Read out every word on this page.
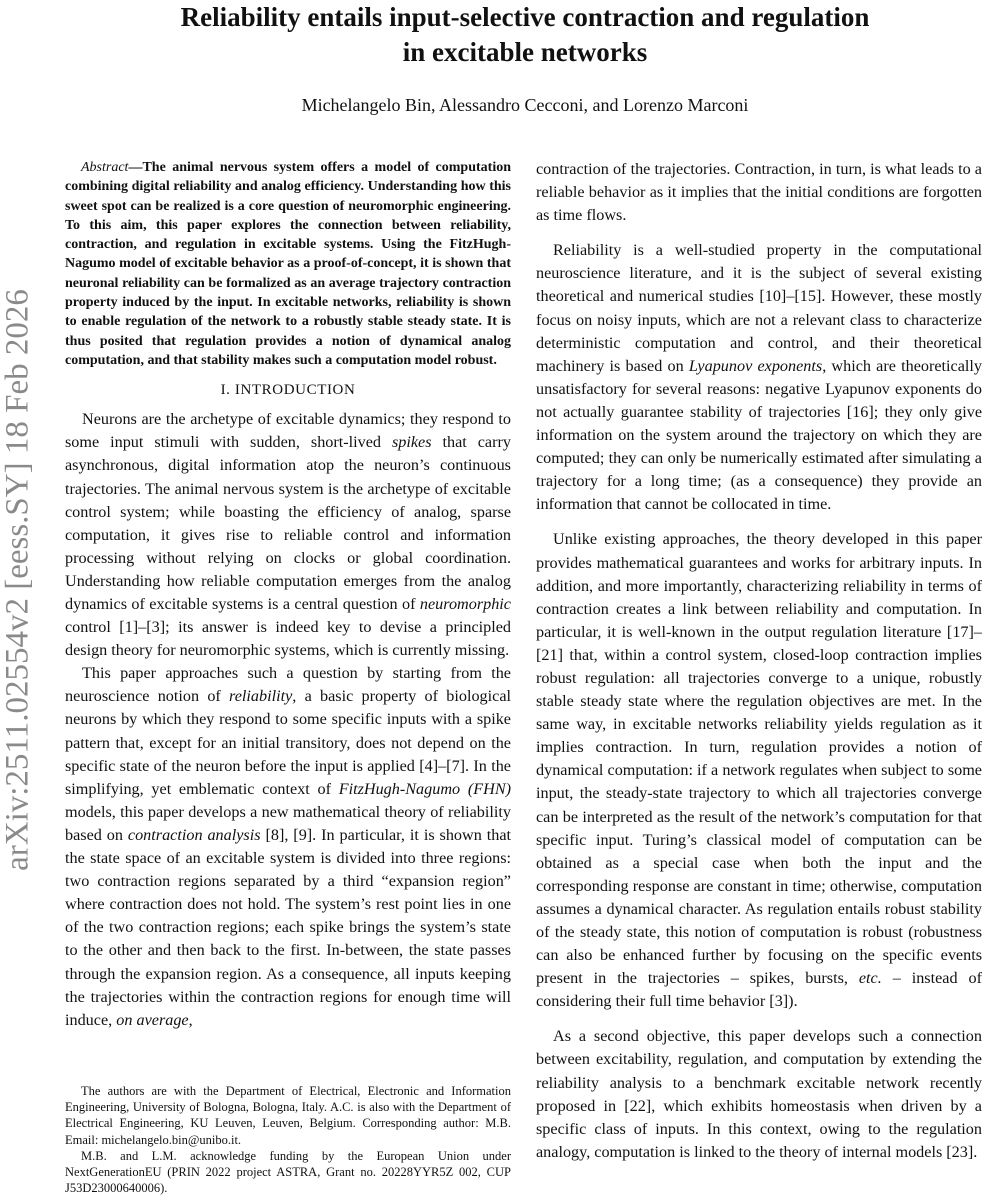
Reliability entails input-selective contraction and regulation
in excitable networks
Michelangelo Bin, Alessandro Cecconi, and Lorenzo Marconi
arXiv:2511.02554v2 [eess.SY] 18 Feb 2026

Abstract—The animal nervous system offers a model of computation combining digital reliability and analog efficiency. Understanding how this sweet spot can be realized is a core question of neuromorphic engineering. To this aim, this paper explores the connection between reliability, contraction, and regulation in excitable systems. Using the FitzHugh-Nagumo model of excitable behavior as a proof-of-concept, it is shown that neuronal reliability can be formalized as an average trajectory contraction property induced by the input. In excitable networks, reliability is shown to enable regulation of the network to a robustly stable steady state. It is thus posited that regulation provides a notion of dynamical analog computation, and that stability makes such a computation model robust.

I. INTRODUCTION

Neurons are the archetype of excitable dynamics; they respond to some input stimuli with sudden, short-lived spikes that carry asynchronous, digital information atop the neuron’s continuous trajectories. The animal nervous system is the archetype of excitable control system; while boasting the efficiency of analog, sparse computation, it gives rise to reliable control and information processing without relying on clocks or global coordination. Understanding how reliable computation emerges from the analog dynamics of excitable systems is a central question of neuromorphic control [1]–[3]; its answer is indeed key to devise a principled design theory for neuromorphic systems, which is currently missing.

This paper approaches such a question by starting from the neuroscience notion of reliability, a basic property of biological neurons by which they respond to some specific inputs with a spike pattern that, except for an initial transitory, does not depend on the specific state of the neuron before the input is applied [4]–[7]. In the simplifying, yet emblematic context of FitzHugh-Nagumo (FHN) models, this paper develops a new mathematical theory of reliability based on contraction analysis [8], [9]. In particular, it is shown that the state space of an excitable system is divided into three regions: two contraction regions separated by a third “expansion region” where contraction does not hold. The system’s rest point lies in one of the two contraction regions; each spike brings the system’s state to the other and then back to the first. In-between, the state passes through the expansion region. As a consequence, all inputs keeping the trajectories within the contraction regions for enough time will induce, on average,

The authors are with the Department of Electrical, Electronic and Information Engineering, University of Bologna, Bologna, Italy. A.C. is also with the Department of Electrical Engineering, KU Leuven, Leuven, Belgium. Corresponding author: M.B. Email: michelangelo.bin@unibo.it.

M.B. and L.M. acknowledge funding by the European Union under NextGenerationEU (PRIN 2022 project ASTRA, Grant no. 20228YYR5Z 002, CUP J53D23000640006).

contraction of the trajectories. Contraction, in turn, is what leads to a reliable behavior as it implies that the initial conditions are forgotten as time flows.

Reliability is a well-studied property in the computational neuroscience literature, and it is the subject of several existing theoretical and numerical studies [10]–[15]. However, these mostly focus on noisy inputs, which are not a relevant class to characterize deterministic computation and control, and their theoretical machinery is based on Lyapunov exponents, which are theoretically unsatisfactory for several reasons: negative Lyapunov exponents do not actually guarantee stability of trajectories [16]; they only give information on the system around the trajectory on which they are computed; they can only be numerically estimated after simulating a trajectory for a long time; (as a consequence) they provide an information that cannot be collocated in time.

Unlike existing approaches, the theory developed in this paper provides mathematical guarantees and works for arbitrary inputs. In addition, and more importantly, characterizing reliability in terms of contraction creates a link between reliability and computation. In particular, it is well-known in the output regulation literature [17]–[21] that, within a control system, closed-loop contraction implies robust regulation: all trajectories converge to a unique, robustly stable steady state where the regulation objectives are met. In the same way, in excitable networks reliability yields regulation as it implies contraction. In turn, regulation provides a notion of dynamical computation: if a network regulates when subject to some input, the steady-state trajectory to which all trajectories converge can be interpreted as the result of the network’s computation for that specific input. Turing’s classical model of computation can be obtained as a special case when both the input and the corresponding response are constant in time; otherwise, computation assumes a dynamical character. As regulation entails robust stability of the steady state, this notion of computation is robust (robustness can also be enhanced further by focusing on the specific events present in the trajectories – spikes, bursts, etc. – instead of considering their full time behavior [3]).

As a second objective, this paper develops such a connection between excitability, regulation, and computation by extending the reliability analysis to a benchmark excitable network recently proposed in [22], which exhibits homeostasis when driven by a specific class of inputs. In this context, owing to the regulation analogy, computation is linked to the theory of internal models [23].
